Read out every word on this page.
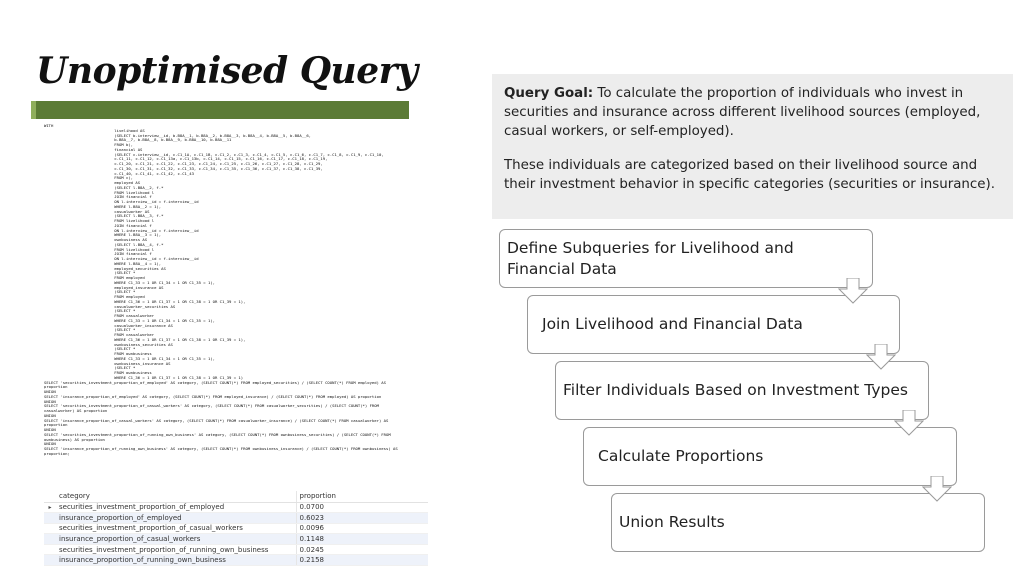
Unoptimised Query
WITH
livelihood AS
(SELECT b.interview__id, b.B8A__1, b.B8A__2, b.B8A__3, b.B8A__4, b.B8A__5, b.B8A__6,
b.B8A__7, b.B8A__8, b.B8A__9, b.B8A__10, b.B8A__11
FROM b),
financial AS
(SELECT c.interview__id, c.C1_1A, c.C1_1B, c.C1_2, c.C1_3, c.C1_4, c.C1_5, c.C1_6, c.C1_7, c.C1_8, c.C1_9, c.C1_10,
c.C1_11, c.C1_12, c.C1_13a, c.C1_13b, c.C1_14, c.C1_15, c.C1_16, c.C1_17, c.C1_18, c.C1_19,
c.C1_20, c.C1_21, c.C1_22, c.C1_23, c.C1_24, c.C1_25, c.C1_26, c.C1_27, c.C1_28, c.C1_29,
c.C1_30, c.C1_31, c.C1_32, c.C1_33, c.C1_34, c.C1_35, c.C1_36, c.C1_37, c.C1_38, c.C1_39,
c.C1_40, c.C1_41, c.C1_42, c.C1_43
FROM c),
employed AS
(SELECT l.B8A__2, f.*
FROM livelihood l
JOIN financial f
ON l.interview__id = f.interview__id
WHERE l.B8A__2 = 1),
casualworker AS
(SELECT l.B8A__3, f.*
FROM livelihood l
JOIN financial f
ON l.interview__id = f.interview__id
WHERE l.B8A__3 = 1),
ownbusiness AS
(SELECT l.B8A__4, f.*
FROM livelihood l
JOIN financial f
ON l.interview__id = f.interview__id
WHERE l.B8A__4 = 1),
employed_securities AS
(SELECT *
FROM employed
WHERE C1_33 = 1 OR C1_34 = 1 OR C1_35 = 1),
employed_insurance AS
(SELECT *
FROM employed
WHERE C1_36 = 1 OR C1_37 = 1 OR C1_38 = 1 OR C1_39 = 1),
casualworker_securities AS
(SELECT *
FROM casualworker
WHERE C1_33 = 1 OR C1_34 = 1 OR C1_35 = 1),
casualworker_insurance AS
(SELECT *
FROM casualworker
WHERE C1_36 = 1 OR C1_37 = 1 OR C1_38 = 1 OR C1_39 = 1),
ownbusiness_securities AS
(SELECT *
FROM ownbusiness
WHERE C1_33 = 1 OR C1_34 = 1 OR C1_35 = 1),
ownbusiness_insurance AS
(SELECT *
FROM ownbusiness
WHERE C1_36 = 1 OR C1_37 = 1 OR C1_38 = 1 OR C1_39 = 1)
SELECT 'securities_investment_proportion_of_employed' AS category, (SELECT COUNT(*) FROM employed_securities) / (SELECT COUNT(*) FROM employed) AS
proportion
UNION
SELECT 'insurance_proportion_of_employed' AS category, (SELECT COUNT(*) FROM employed_insurance) / (SELECT COUNT(*) FROM employed) AS proportion
UNION
SELECT 'securities_investment_proportion_of_casual_workers' AS category, (SELECT COUNT(*) FROM casualworker_securities) / (SELECT COUNT(*) FROM
casualworker) AS proportion
UNION
SELECT 'insurance_proportion_of_casual_workers' AS category, (SELECT COUNT(*) FROM casualworker_insurance) / (SELECT COUNT(*) FROM casualworker) AS
proportion
UNION
SELECT 'securities_investment_proportion_of_running_own_business' AS category, (SELECT COUNT(*) FROM ownbusiness_securities) / (SELECT COUNT(*) FROM
ownbusiness) AS proportion
UNION
SELECT 'insurance_proportion_of_running_own_business' AS category, (SELECT COUNT(*) FROM ownbusiness_insurance) / (SELECT COUNT(*) FROM ownbusiness) AS
proportion;
	category	proportion
▸	securities_investment_proportion_of_employed	0.0700
	insurance_proportion_of_employed	0.6023
	securities_investment_proportion_of_casual_workers	0.0096
	insurance_proportion_of_casual_workers	0.1148
	securities_investment_proportion_of_running_own_business	0.0245
	insurance_proportion_of_running_own_business	0.2158

Query Goal: To calculate the proportion of individuals who invest in securities and insurance across different livelihood sources (employed, casual workers, or self-employed).

These individuals are categorized based on their livelihood source and their investment behavior in specific categories (securities or insurance).

Define Subqueries for Livelihood and Financial Data
Join Livelihood and Financial Data
Filter Individuals Based on Investment Types
Calculate Proportions
Union Results
